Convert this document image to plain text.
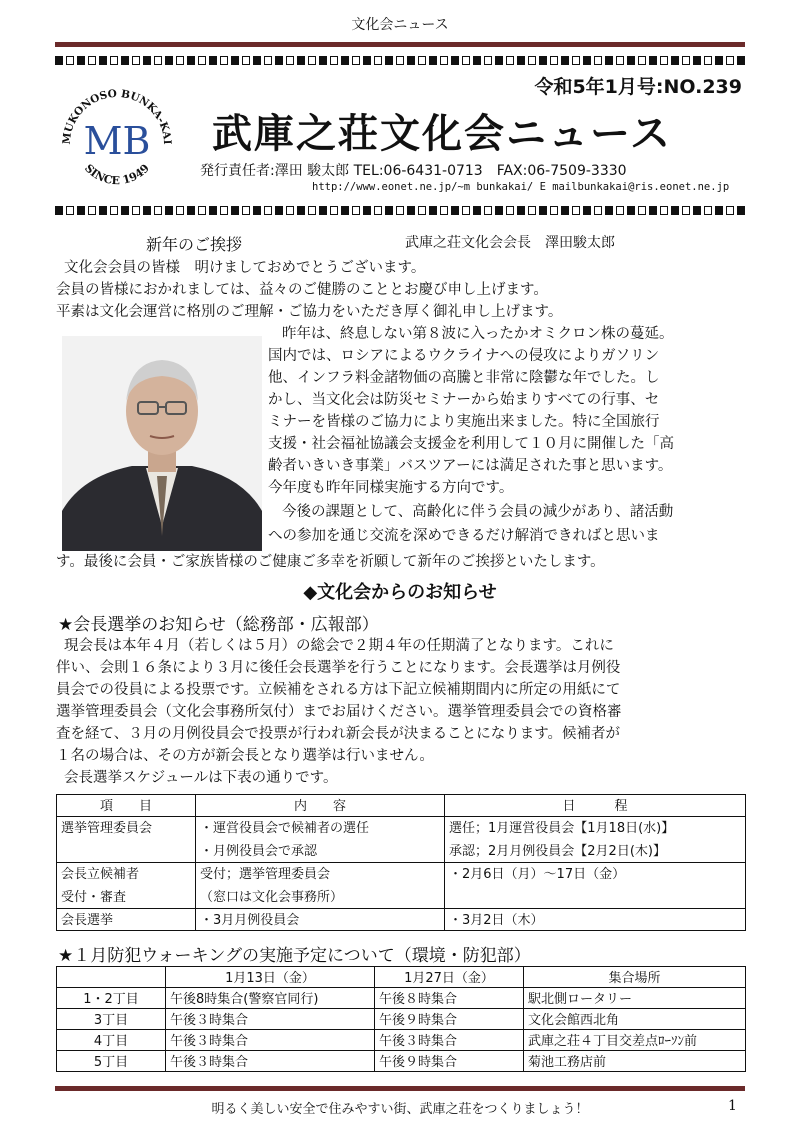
文化会ニュース
令和5年1月号:NO.239
MUKONOSO BUNKA-KAI
SINCE 1949
MB 武庫之荘文化会ニュース
発行責任者:澤田 駿太郎 TEL:06-6431-0713　FAX:06-7509-3330
http://www.eonet.ne.jp/~m bunkakai/ E mailbunkakai@ris.eonet.ne.jp
新年のご挨拶	武庫之荘文化会会長　澤田駿太郎
文化会会員の皆様　明けましておめでとうございます。
会員の皆様におかれましては、益々のご健勝のこととお慶び申し上げます。
平素は文化会運営に格別のご理解・ご協力をいただき厚く御礼申し上げます。
昨年は、終息しない第８波に入ったかオミクロン株の蔓延。
国内では、ロシアによるウクライナへの侵攻によりガソリン
他、インフラ料金諸物価の高騰と非常に陰鬱な年でした。し
かし、当文化会は防災セミナーから始まりすべての行事、セ
ミナーを皆様のご協力により実施出来ました。特に全国旅行
支援・社会福祉協議会支援金を利用して１０月に開催した「高
齢者いきいき事業」バスツアーには満足された事と思います。
今年度も昨年同様実施する方向です。
今後の課題として、高齢化に伴う会員の減少があり、諸活動
への参加を通じ交流を深めできるだけ解消できればと思いま
す。最後に会員・ご家族皆様のご健康ご多幸を祈願して新年のご挨拶といたします。
◆文化会からのお知らせ
★会長選挙のお知らせ（総務部・広報部）
現会長は本年４月（若しくは５月）の総会で２期４年の任期満了となります。これに
伴い、会則１６条により３月に後任会長選挙を行うことになります。会長選挙は月例役
員会での役員による投票です。立候補をされる方は下記立候補期間内に所定の用紙にて
選挙管理委員会（文化会事務所気付）までお届けください。選挙管理委員会での資格審
査を経て、３月の月例役員会で投票が行われ新会長が決まることになります。候補者が
１名の場合は、その方が新会長となり選挙は行いません。
会長選挙スケジュールは下表の通りです。
項　　目	内　　容	日　　　程
選挙管理委員会	・運営役員会で候補者の選任	選任；1月運営役員会【1月18日(水)】
	・月例役員会で承認	承認；2月月例役員会【2月2日(木)】
会長立候補者	受付；選挙管理委員会	・2月6日（月）～17日（金）
受付・審査	（窓口は文化会事務所）	
会長選挙	・3月月例役員会	・3月2日（木）
★１月防犯ウォーキングの実施予定について（環境・防犯部）
	1月13日（金）	1月27日（金）	集合場所
1・2丁目	午後8時集合(警察官同行)	午後８時集合	駅北側ロータリー
3丁目	午後３時集合	午後９時集合	文化会館西北角
4丁目	午後３時集合	午後３時集合	武庫之荘４丁目交差点ﾛｰｿﾝ前
5丁目	午後３時集合	午後９時集合	菊池工務店前
明るく美しい安全で住みやすい街、武庫之荘をつくりましょう！	1
